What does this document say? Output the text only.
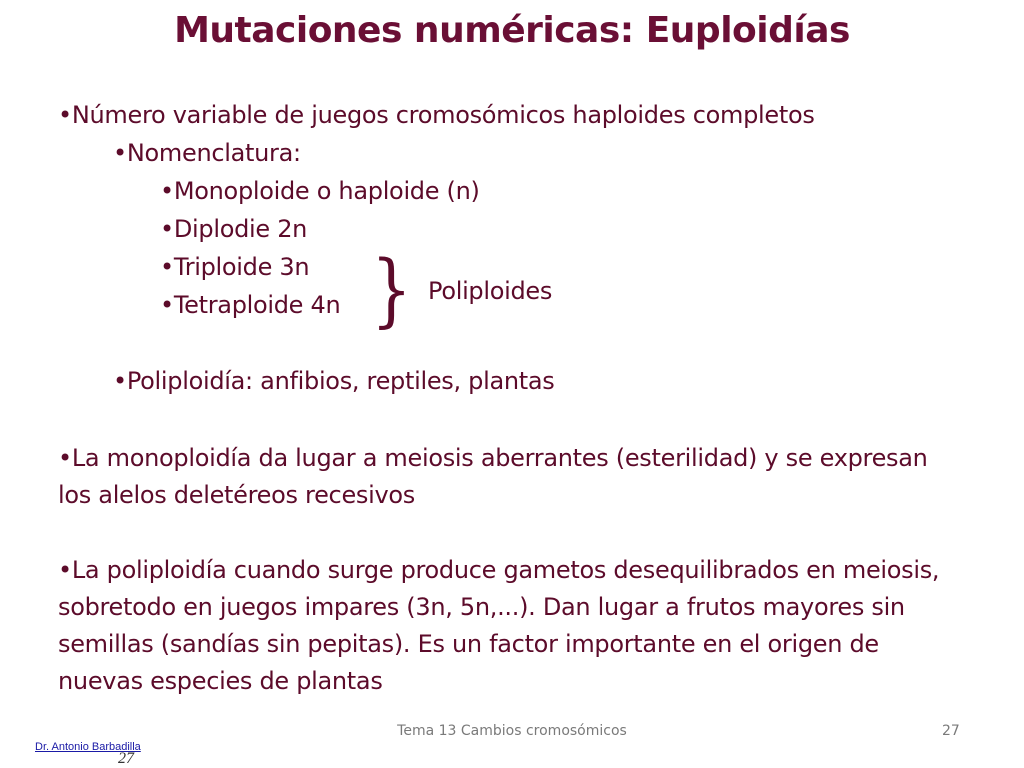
Mutaciones numéricas: Euploidías
•Número variable de juegos cromosómicos haploides completos
•Nomenclatura:
•Monoploide o haploide (n)
•Diplodie 2n
•Triploide 3n
•Tetraploide 4n } Poliploides
•Poliploidía: anfibios, reptiles, plantas
•La monoploidía da lugar a meiosis aberrantes (esterilidad) y se expresan los alelos deletéreos recesivos
•La poliploidía cuando surge produce gametos desequilibrados en meiosis, sobretodo en juegos impares (3n, 5n,...). Dan lugar a frutos mayores sin semillas (sandías sin pepitas). Es un factor importante en el origen de nuevas especies de plantas
Tema 13 Cambios cromosómicos	27
Dr. Antonio Barbadilla
27
